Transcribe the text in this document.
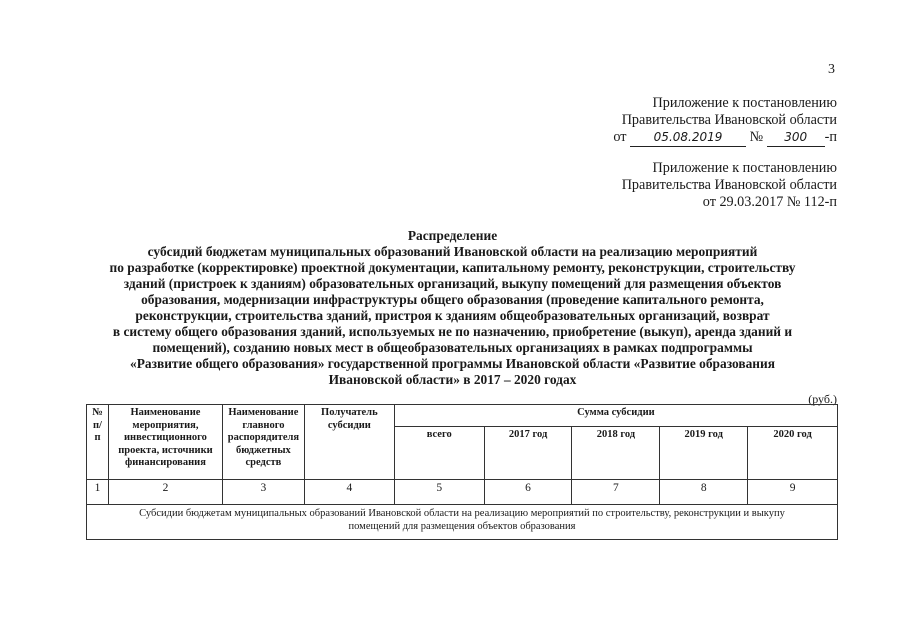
3
Приложение к постановлению
Правительства Ивановской области
от 05.08.2019 № 300 -п
Приложение к постановлению
Правительства Ивановской области
от 29.03.2017 № 112-п
Распределение
субсидий бюджетам муниципальных образований Ивановской области на реализацию мероприятий
по разработке (корректировке) проектной документации, капитальному ремонту, реконструкции, строительству
зданий (пристроек к зданиям) образовательных организаций, выкупу помещений для размещения объектов
образования, модернизации инфраструктуры общего образования (проведение капитального ремонта,
реконструкции, строительства зданий, пристроя к зданиям общеобразовательных организаций, возврат
в систему общего образования зданий, используемых не по назначению, приобретение (выкуп), аренда зданий и
помещений), созданию новых мест в общеобразовательных организациях в рамках подпрограммы
«Развитие общего образования» государственной программы Ивановской области «Развитие образования
Ивановской области» в 2017 – 2020 годах
(руб.)
№ п/п	Наименование мероприятия, инвестиционного проекта, источники финансирования	Наименование главного распорядителя бюджетных средств	Получатель субсидии	Сумма субсидии				
				всего	2017 год	2018 год	2019 год	2020 год
1	2	3	4	5	6	7	8	9

Субсидии бюджетам муниципальных образований Ивановской области на реализацию мероприятий по строительству, реконструкции и выкупу
помещений для размещения объектов образования								
